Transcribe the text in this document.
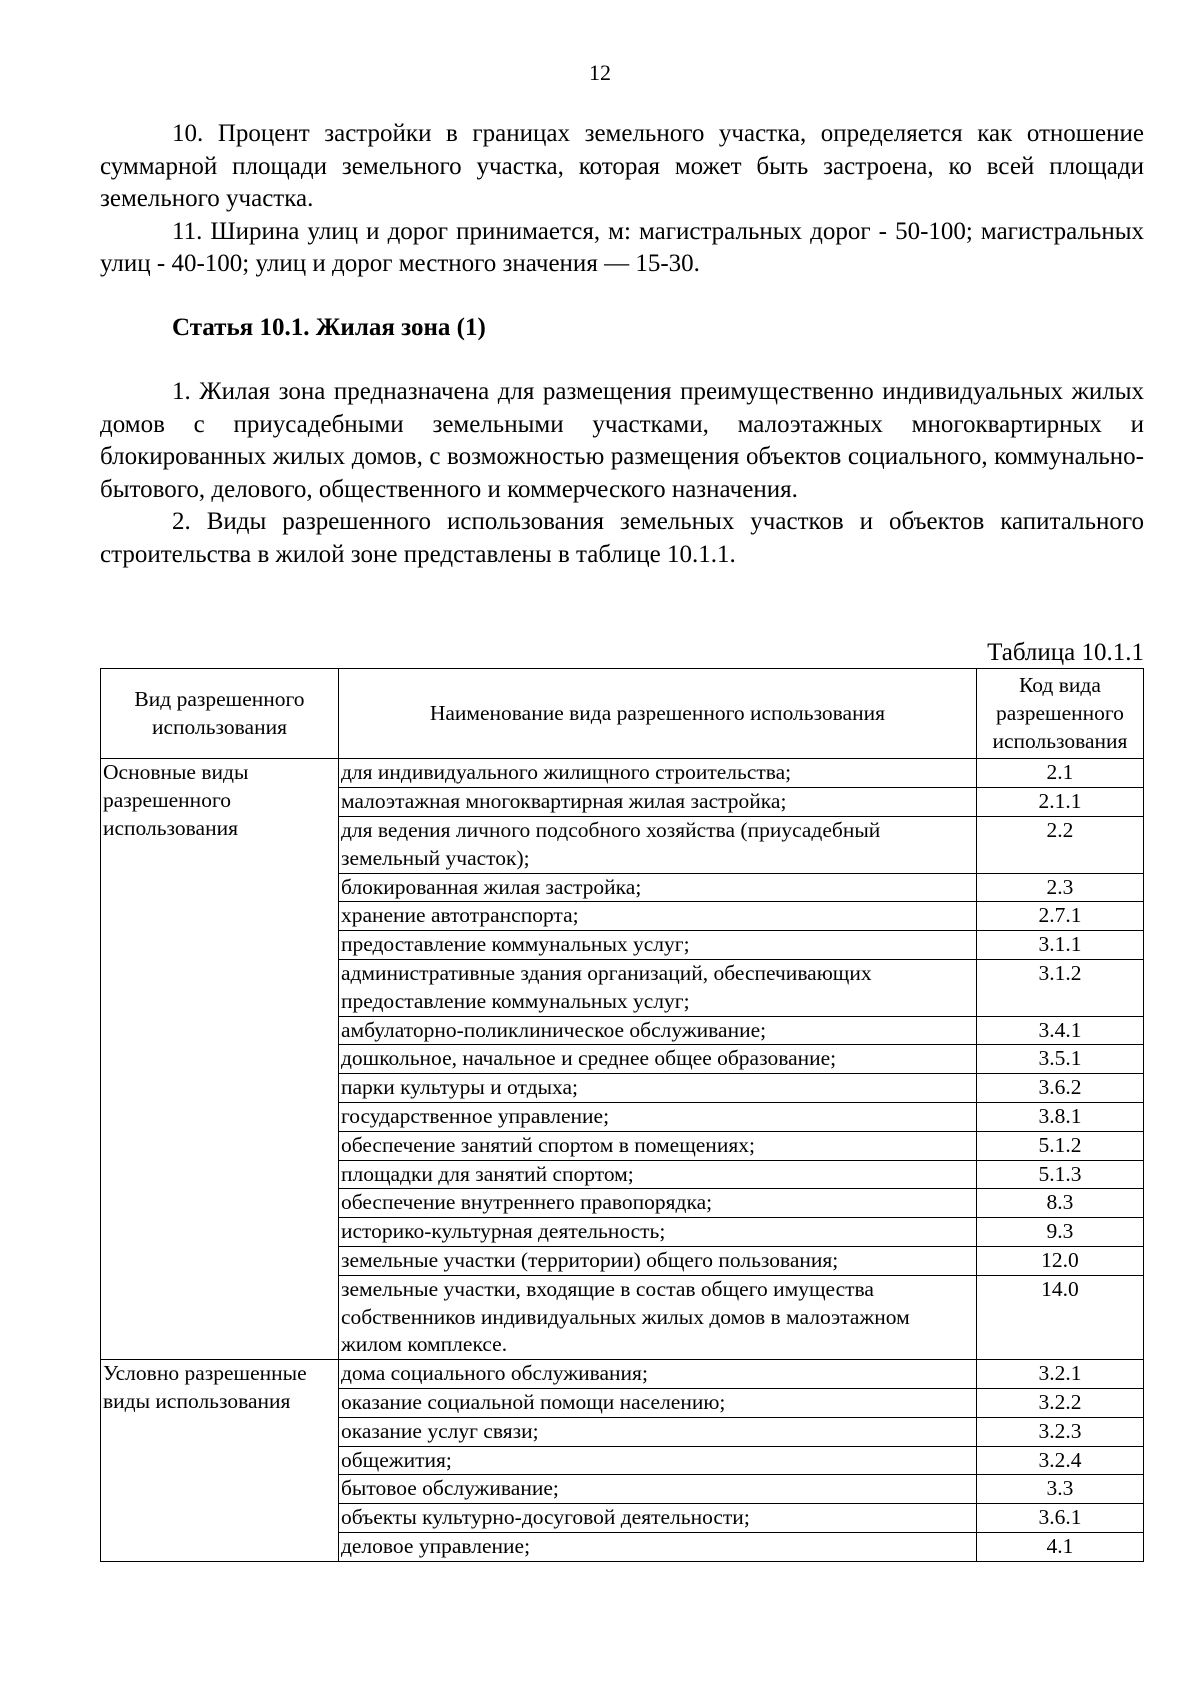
12

10. Процент застройки в границах земельного участка, определяется как отношение суммарной площади земельного участка, которая может быть застроена, ко всей площади земельного участка.

11. Ширина улиц и дорог принимается, м: магистральных дорог - 50-100; магистральных улиц - 40-100; улиц и дорог местного значения — 15-30.

Статья 10.1. Жилая зона (1)

1. Жилая зона предназначена для размещения преимущественно индивидуальных жилых домов с приусадебными земельными участками, малоэтажных многоквартирных и блокированных жилых домов, с возможностью размещения объектов социального, коммунально-бытового, делового, общественного и коммерческого назначения.

2. Виды разрешенного использования земельных участков и объектов капитального строительства в жилой зоне представлены в таблице 10.1.1.

Таблица 10.1.1
Вид разрешенного использования	Наименование вида разрешенного использования	Код вида разрешенного использования
Основные виды разрешенного использования	для индивидуального жилищного строительства;	2.1
	малоэтажная многоквартирная жилая застройка;	2.1.1
	для ведения личного подсобного хозяйства (приусадебный земельный участок);	2.2
	блокированная жилая застройка;	2.3
	хранение автотранспорта;	2.7.1
	предоставление коммунальных услуг;	3.1.1
	административные здания организаций, обеспечивающих предоставление коммунальных услуг;	3.1.2
	амбулаторно-поликлиническое обслуживание;	3.4.1
	дошкольное, начальное и среднее общее образование;	3.5.1
	парки культуры и отдыха;	3.6.2
	государственное управление;	3.8.1
	обеспечение занятий спортом в помещениях;	5.1.2
	площадки для занятий спортом;	5.1.3
	обеспечение внутреннего правопорядка;	8.3
	историко-культурная деятельность;	9.3
	земельные участки (территории) общего пользования;	12.0
	земельные участки, входящие в состав общего имущества собственников индивидуальных жилых домов в малоэтажном жилом комплексе.	14.0
Условно разрешенные виды использования	дома социального обслуживания;	3.2.1
	оказание социальной помощи населению;	3.2.2
	оказание услуг связи;	3.2.3
	общежития;	3.2.4
	бытовое обслуживание;	3.3
	объекты культурно-досуговой деятельности;	3.6.1
	деловое управление;	4.1
